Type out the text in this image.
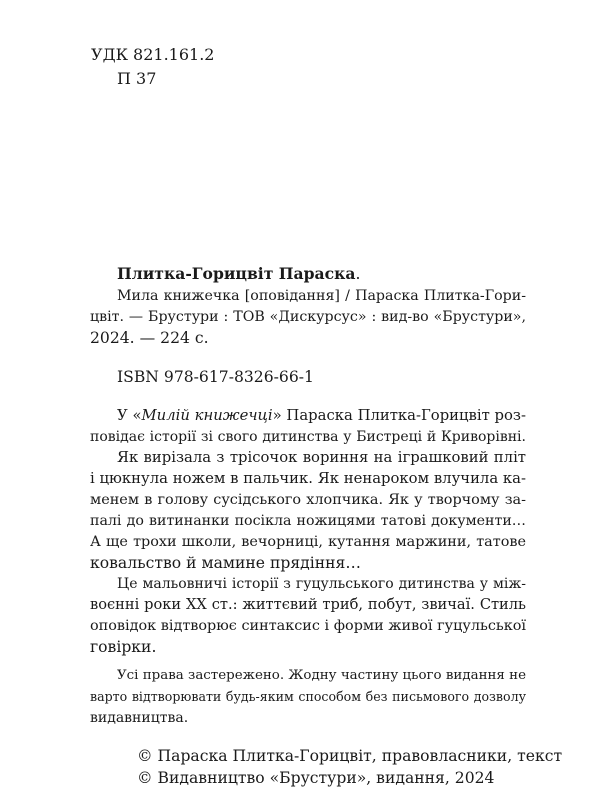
УДК 821.161.2

П 37

Плитка-Горицвіт Параска.

Мила книжечка [оповідання] / Параска Плитка-Гори-
цвіт. — Брустури : ТОВ «Дискурсус» : вид-во «Брустури»,

2024. — 224 с.

ISBN 978-617-8326-66-1

У «Милій книжечці» Параска Плитка-Горицвіт роз-
повідає історії зі свого дитинства у Бистреці й Криворівні.
Як вирізала з трісочок вориння на іграшковий пліт
і цюкнула ножем в пальчик. Як ненароком влучила ка-
менем в голову сусідського хлопчика. Як у творчому за-
палі до витинанки посікла ножицями татові документи…
А ще трохи школи, вечорниці, кутання маржини, татове

ковальство й мамине прядіння…

Це мальовничі історії з гуцульського дитинства у між-
воєнні роки XX ст.: життєвий триб, побут, звичаї. Стиль
оповідок відтворює синтаксис і форми живої гуцульської

говірки.

Усі права застережено. Жодну частину цього видання не
варто відтворювати будь-яким способом без письмового дозволу

видавництва.

© Параска Плитка-Горицвіт, правовласники, текст

© Видавництво «Брустури», видання, 2024
